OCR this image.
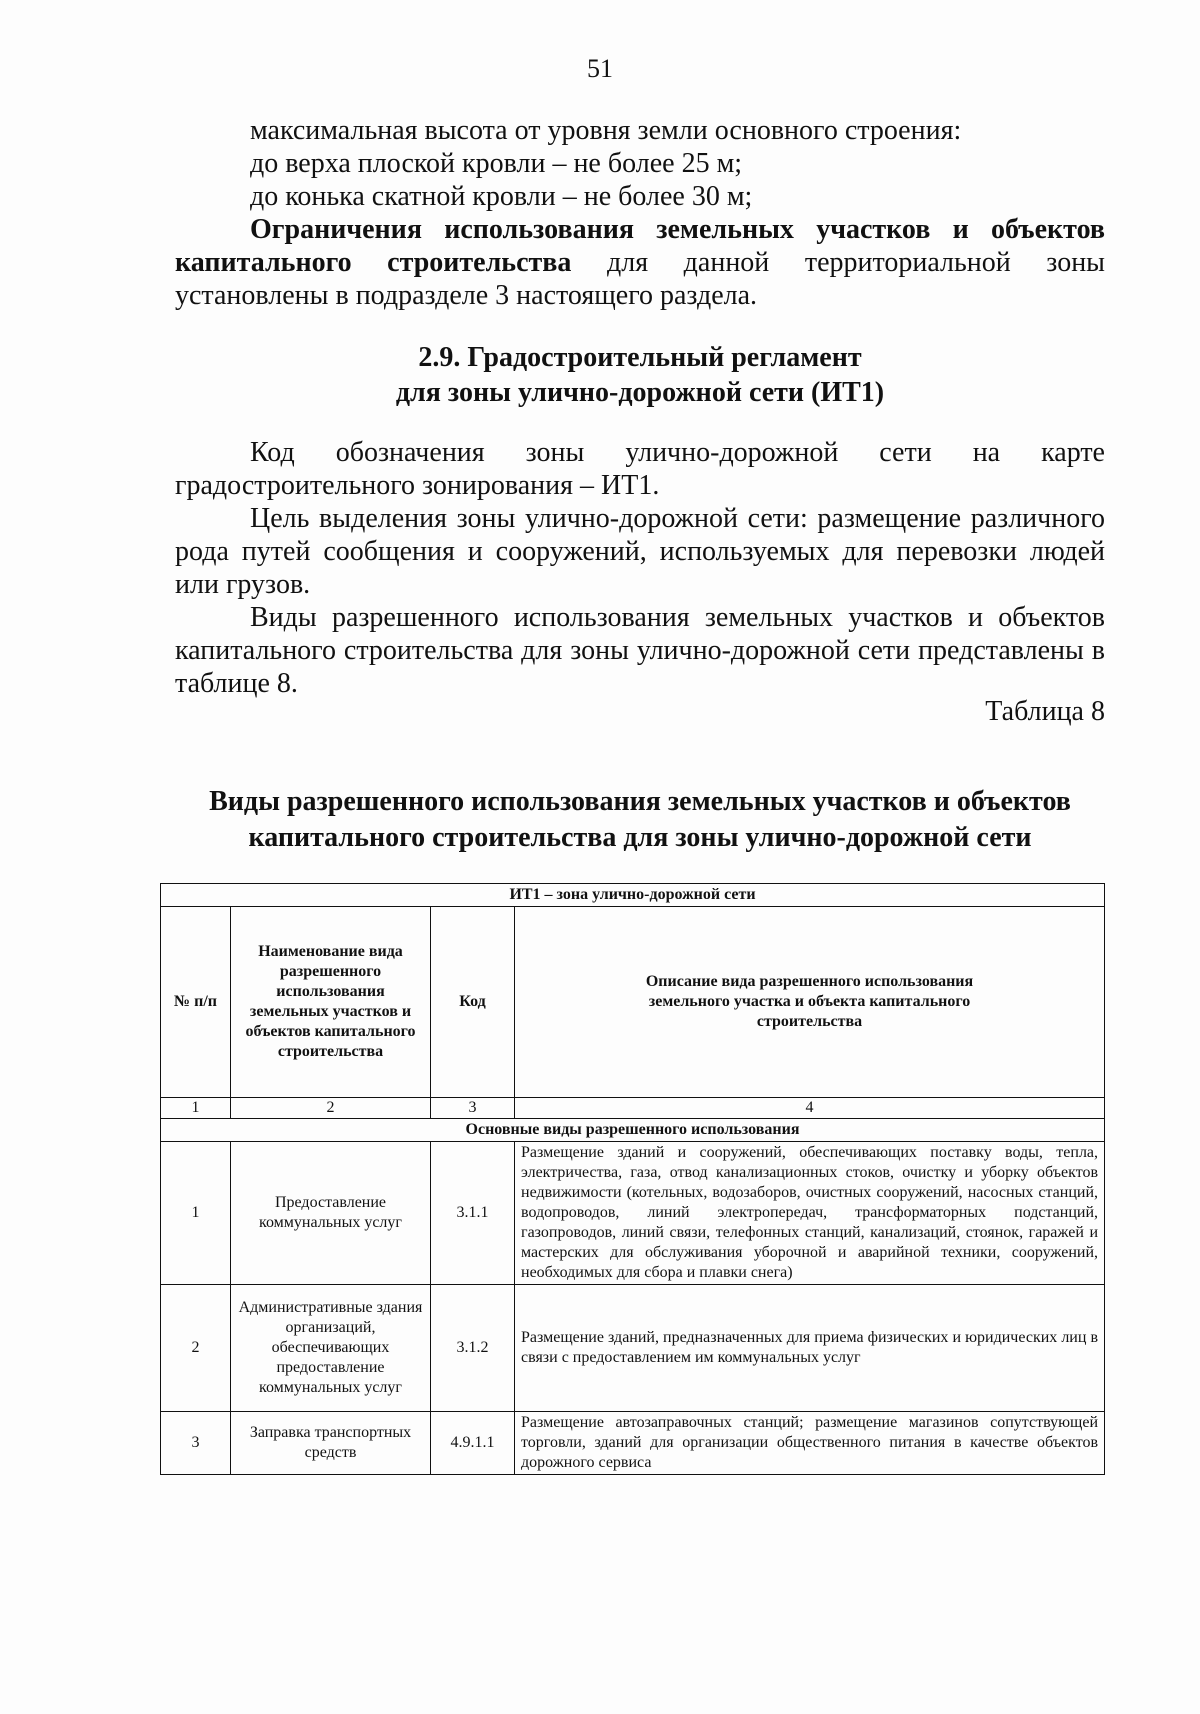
51

максимальная высота от уровня земли основного строения:

до верха плоской кровли – не более 25 м;

до конька скатной кровли – не более 30 м;

Ограничения использования земельных участков и объектов капитального строительства для данной территориальной зоны установлены в подразделе 3 настоящего раздела.

2.9. Градостроительный регламент
для зоны улично-дорожной сети (ИТ1)

Код обозначения зоны улично-дорожной сети на карте градостроительного зонирования – ИТ1.

Цель выделения зоны улично-дорожной сети: размещение различного рода путей сообщения и сооружений, используемых для перевозки людей или грузов.

Виды разрешенного использования земельных участков и объектов капитального строительства для зоны улично-дорожной сети представлены в таблице 8.

Таблица 8
Виды разрешенного использования земельных участков и объектов
капитального строительства для зоны улично-дорожной сети
ИТ1 – зона улично-дорожной сети			
№ п/п	Наименование вида разрешенного использования земельных участков и объектов капитального строительства	Код	Описание вида разрешенного использования земельного участка и объекта капитального строительства
1	2	3	4
Основные виды разрешенного использования			
1	Предоставление коммунальных услуг	3.1.1	Размещение зданий и сооружений, обеспечивающих поставку воды, тепла, электричества, газа, отвод канализационных стоков, очистку и уборку объектов недвижимости (котельных, водозаборов, очистных сооружений, насосных станций, водопроводов, линий электропередач, трансформаторных подстанций, газопроводов, линий связи, телефонных станций, канализаций, стоянок, гаражей и мастерских для обслуживания уборочной и аварийной техники, сооружений, необходимых для сбора и плавки снега)
2	Административные здания организаций, обеспечивающих предоставление коммунальных услуг	3.1.2	Размещение зданий, предназначенных для приема физических и юридических лиц в связи с предоставлением им коммунальных услуг
3	Заправка транспортных средств	4.9.1.1	Размещение автозаправочных станций; размещение магазинов сопутствующей торговли, зданий для организации общественного питания в качестве объектов дорожного сервиса
